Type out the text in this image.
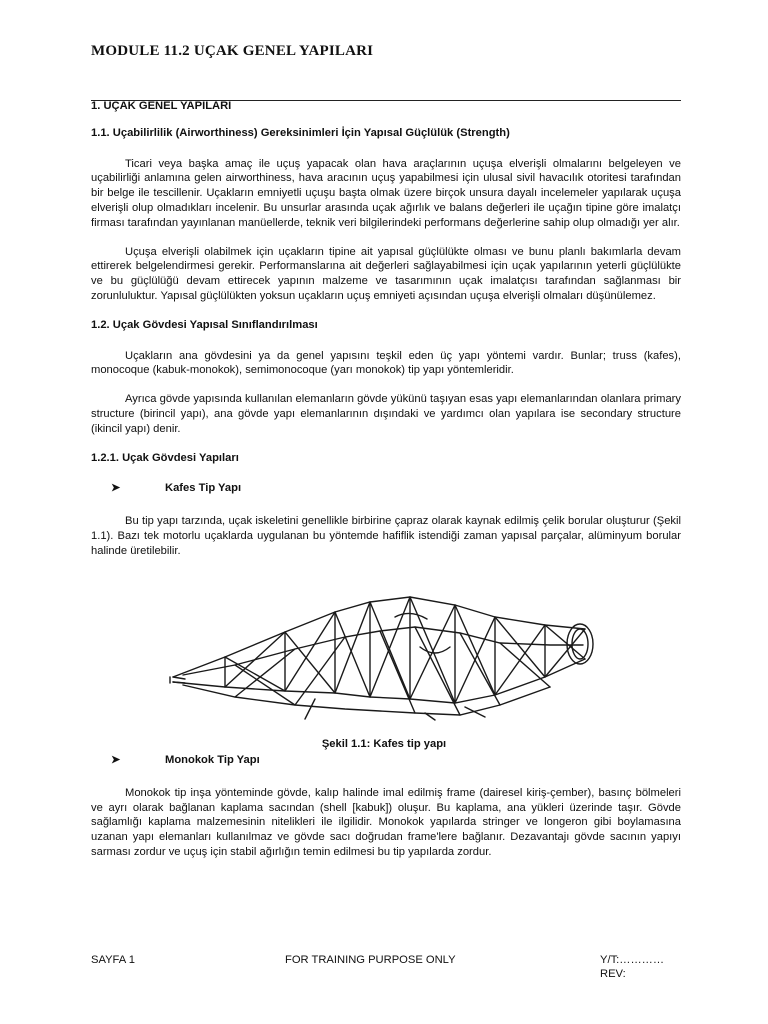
MODULE 11.2 UÇAK GENEL YAPILARI
1. UÇAK GENEL YAPILARI
1.1. Uçabilirlilik (Airworthiness) Gereksinimleri İçin Yapısal Güçlülük (Strength)

Ticari veya başka amaç ile uçuş yapacak olan hava araçlarının uçuşa elverişli olmalarını belgeleyen ve uçabilirliği anlamına gelen airworthiness, hava aracının uçuş yapabilmesi için ulusal sivil havacılık otoritesi tarafından bir belge ile tescillenir. Uçakların emniyetli uçuşu başta olmak üzere birçok unsura dayalı incelemeler yapılarak uçuşa elverişli olup olmadıkları incelenir. Bu unsurlar arasında uçak ağırlık ve balans değerleri ile uçağın tipine göre imalatçı firması tarafından yayınlanan manüellerde, teknik veri bilgilerindeki performans değerlerine sahip olup olmadığı yer alır.

Uçuşa elverişli olabilmek için uçakların tipine ait yapısal güçlülükte olması ve bunu planlı bakımlarla devam ettirerek belgelendirmesi gerekir. Performanslarına ait değerleri sağlayabilmesi için uçak yapılarının yeterli güçlülükte ve bu güçlülüğü devam ettirecek yapının malzeme ve tasarımının uçak imalatçısı tarafından sağlanması bir zorunluluktur. Yapısal güçlülükten yoksun uçakların uçuş emniyeti açısından uçuşa elverişli olmaları düşünülemez.

1.2. Uçak Gövdesi Yapısal Sınıflandırılması

Uçakların ana gövdesini ya da genel yapısını teşkil eden üç yapı yöntemi vardır. Bunlar; truss (kafes), monocoque (kabuk-monokok), semimonocoque (yarı monokok) tip yapı yöntemleridir.

Ayrıca gövde yapısında kullanılan elemanların gövde yükünü taşıyan esas yapı elemanlarından olanlara primary structure (birincil yapı), ana gövde yapı elemanlarının dışındaki ve yardımcı olan yapılara ise secondary structure (ikincil yapı) denir.

1.2.1. Uçak Gövdesi Yapıları
➤	Kafes Tip Yapı

Bu tip yapı tarzında, uçak iskeletini genellikle birbirine çapraz olarak kaynak edilmiş çelik borular oluşturur (Şekil 1.1). Bazı tek motorlu uçaklarda uygulanan bu yöntemde hafiflik istendiği zaman yapısal parçalar, alüminyum borular halinde üretilebilir.

Şekil 1.1: Kafes tip yapı
➤	Monokok Tip Yapı

Monokok tip inşa yönteminde gövde, kalıp halinde imal edilmiş frame (dairesel kiriş-çember), basınç bölmeleri ve ayrı olarak bağlanan kaplama sacından (shell [kabuk]) oluşur. Bu kaplama, ana yükleri üzerinde taşır. Gövde sağlamlığı kaplama malzemesinin nitelikleri ile ilgilidir. Monokok yapılarda stringer ve longeron gibi boylamasına uzanan yapı elemanları kullanılmaz ve gövde sacı doğrudan frame'lere bağlanır. Dezavantajı gövde sacının yapıyı sarması zordur ve uçuş için stabil ağırlığın temin edilmesi bu tip yapılarda zordur.

SAYFA 1	FOR TRAINING PURPOSE ONLY	Y/T:…………
REV:
